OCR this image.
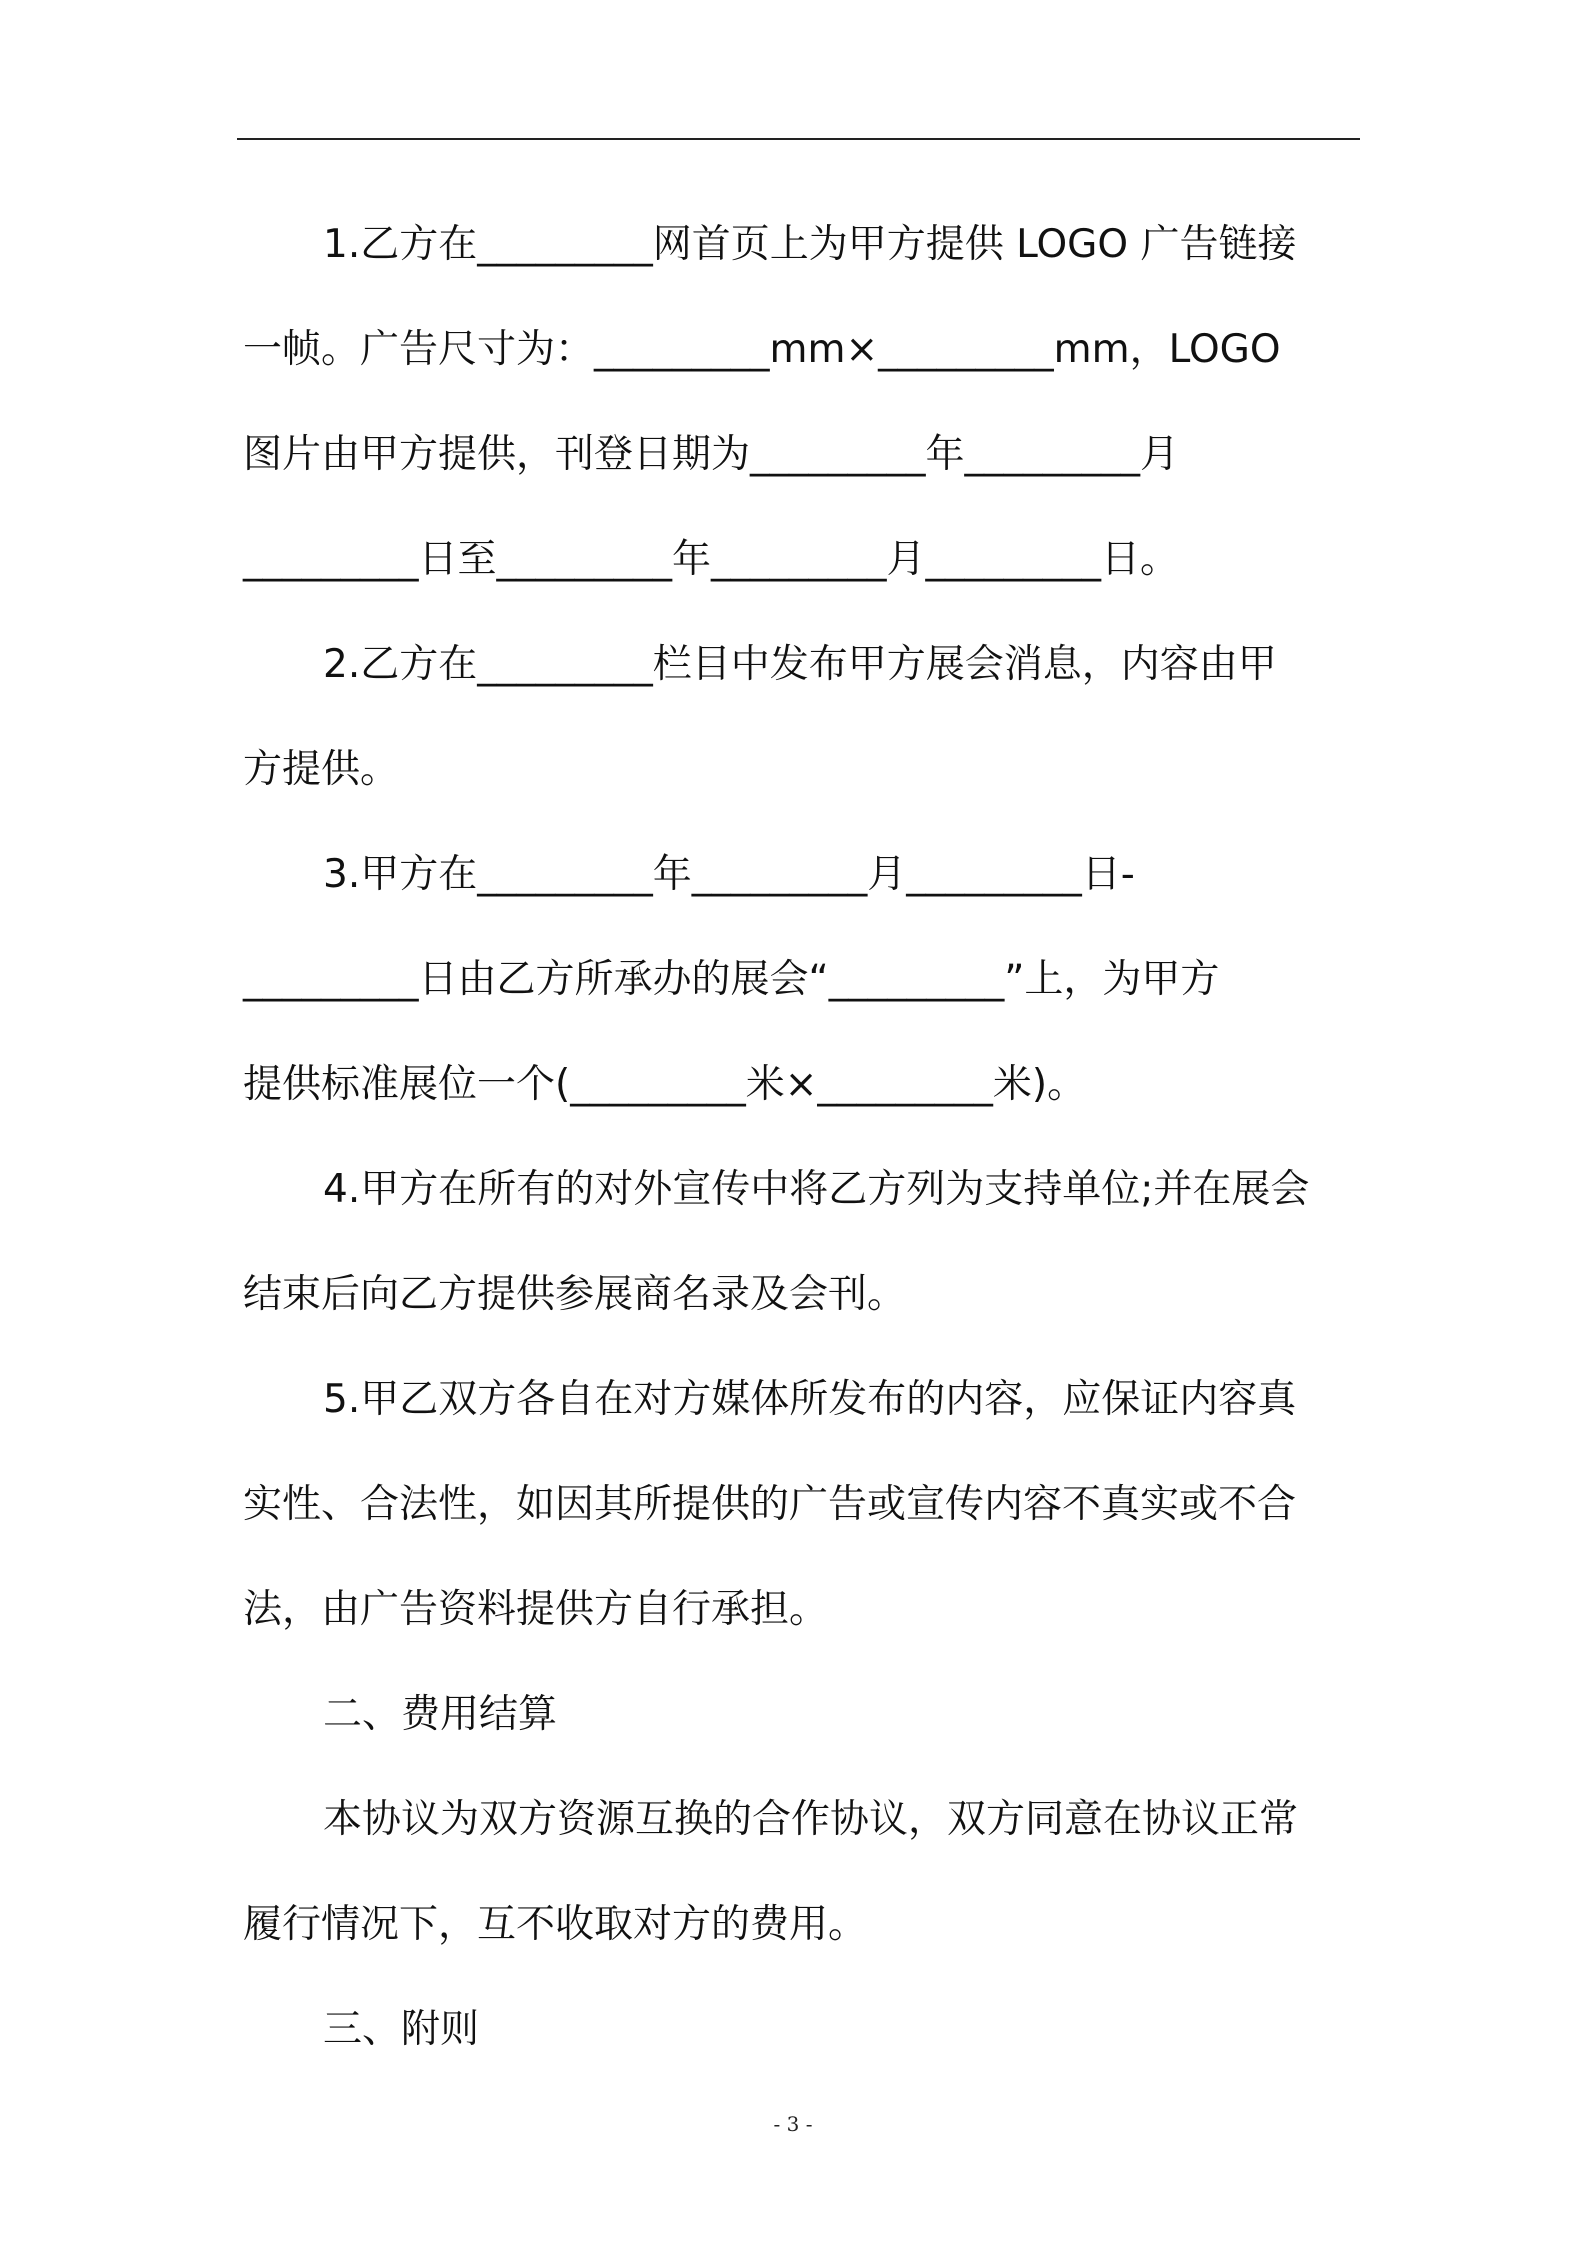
1.乙方在_________网首页上为甲方提供 LOGO 广告链接

一帧。广告尺寸为：_________mm×_________mm，LOGO
图片由甲方提供，刊登日期为_________年_________月
_________日至_________年_________月_________日。

2.乙方在_________栏目中发布甲方展会消息，内容由甲

方提供。

3.甲方在_________年_________月_________日-

_________日由乙方所承办的展会“_________”上，为甲方
提供标准展位一个(_________米×_________米)。

4.甲方在所有的对外宣传中将乙方列为支持单位;并在展会

结束后向乙方提供参展商名录及会刊。

5.甲乙双方各自在对方媒体所发布的内容，应保证内容真

实性、合法性，如因其所提供的广告或宣传内容不真实或不合
法，由广告资料提供方自行承担。

二、费用结算

本协议为双方资源互换的合作协议，双方同意在协议正常

履行情况下，互不收取对方的费用。

三、附则

- 3 -
